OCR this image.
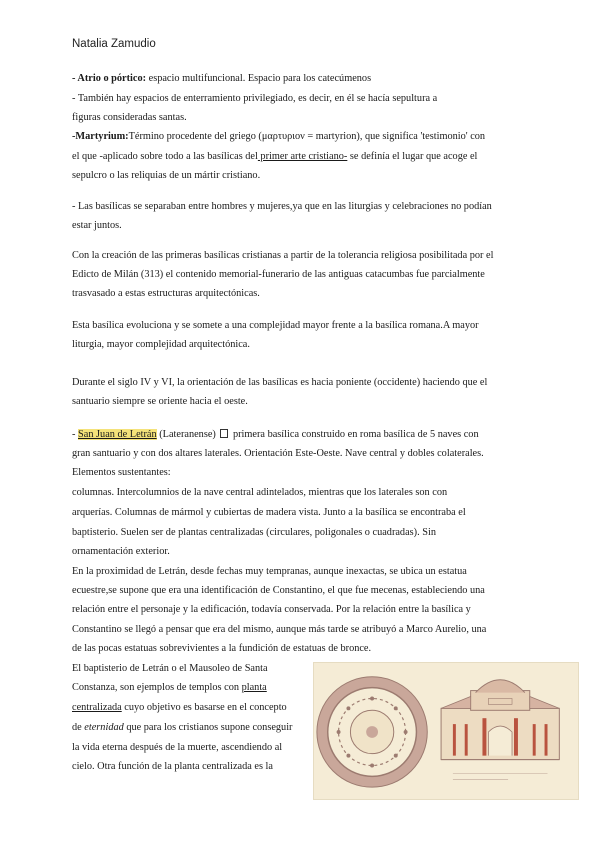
Natalia Zamudio
- Atrio o pórtico: espacio multifuncional. Espacio para los catecúmenos
- También hay espacios de enterramiento privilegiado, es decir, en él se hacía sepultura a
figuras consideradas santas.
-Martyrium:Término procedente del griego (μαρτυριον = martyrion), que significa 'testimonio' con
el que -aplicado sobre todo a las basílicas del primer arte cristiano- se definía el lugar que acoge el
sepulcro o las reliquias de un mártir cristiano.
- Las basílicas se separaban entre hombres y mujeres,ya que en las liturgias y celebraciones no podían
estar juntos.
Con la creación de las primeras basílicas cristianas a partir de la tolerancia religiosa posibilitada por el
Edicto de Milán (313) el contenido memorial-funerario de las antiguas catacumbas fue parcialmente
trasvasado a estas estructuras arquitectónicas.
Esta basílica evoluciona y se somete a una complejidad mayor frente a la basílica romana.A mayor
liturgia, mayor complejidad arquitectónica.
Durante el siglo IV y VI, la orientación de las basílicas es hacia poniente (occidente) haciendo que el
santuario siempre se oriente hacia el oeste.
- San Juan de Letrán (Lateranense)  primera basílica construido en roma basílica de 5 naves con
gran santuario y con dos altares laterales. Orientación Este-Oeste. Nave central y dobles colaterales.
Elementos sustentantes:
columnas. Intercolumnios de la nave central adintelados, mientras que los laterales son con
arquerías. Columnas de mármol y cubiertas de madera vista. Junto a la basílica se encontraba el
baptisterio. Suelen ser de plantas centralizadas (circulares, poligonales o cuadradas). Sin
ornamentación exterior.
En la proximidad de Letrán, desde fechas muy tempranas, aunque inexactas, se ubica un estatua
ecuestre,se supone que era una identificación de Constantino, el que fue mecenas, estableciendo una
relación entre el personaje y la edificación, todavía conservada. Por la relación entre la basílica y
Constantino se llegó a pensar que era del mismo, aunque más tarde se atribuyó a Marco Aurelio, una
de las pocas estatuas sobrevivientes a la fundición de estatuas de bronce.
El baptisterio de Letrán o el Mausoleo de Santa
Constanza, son ejemplos de templos con planta
centralizada cuyo objetivo es basarse en el concepto
de eternidad que para los cristianos supone conseguir
la vida eterna después de la muerte, ascendiendo al
cielo. Otra función de la planta centralizada es la
